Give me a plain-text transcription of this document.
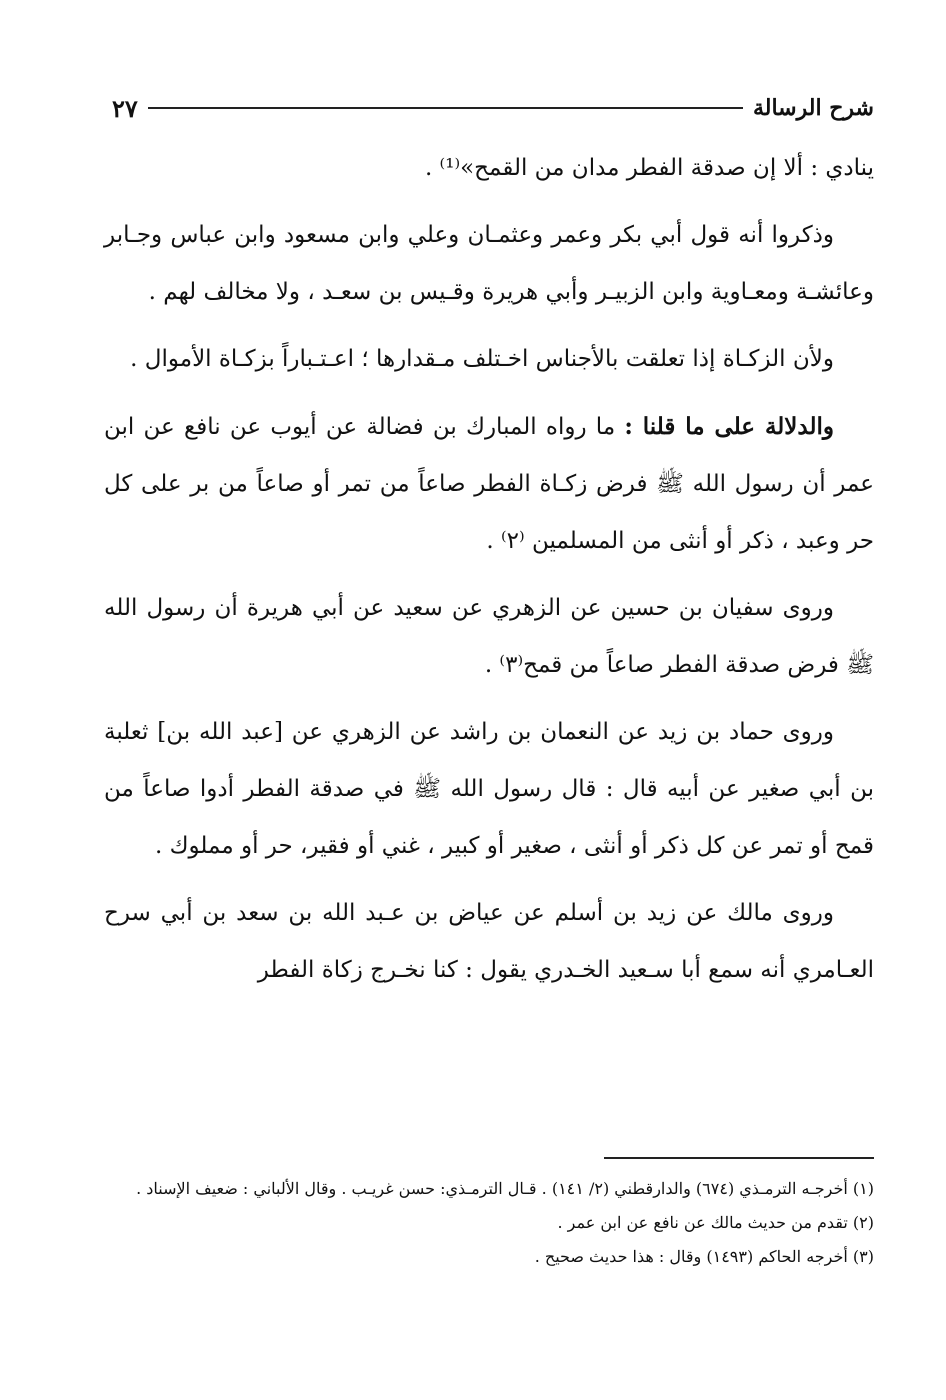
شرح الرسالة
٢٧

ينادي : ألا إن صدقة الفطر مدان من القمح»⁽¹⁾ .

وذكروا أنه قول أبي بكر وعمر وعثمـان وعلي وابن مسعود وابن عباس وجـابر وعائشـة ومعـاوية وابن الزبيـر وأبي هريرة وقـيس بن سعـد ، ولا مخالف لهم .

ولأن الزكـاة إذا تعلقت بالأجناس اخـتلف مـقدارها ؛ اعـتـباراً بزكـاة الأموال .

والدلالة على ما قلنا : ما رواه المبارك بن فضالة عن أيوب عن نافع عن ابن عمر أن رسول الله ﷺ فرض زكـاة الفطر صاعاً من تمر أو صاعاً من بر على كل حر وعبد ، ذكر أو أنثى من المسلمين ⁽٢⁾ .

وروى سفيان بن حسين عن الزهري عن سعيد عن أبي هريرة أن رسول الله ﷺ فرض صدقة الفطر صاعاً من قمح⁽٣⁾ .

وروى حماد بن زيد عن النعمان بن راشد عن الزهري عن [عبد الله بن] ثعلبة بن أبي صغير عن أبيه قال : قال رسول الله ﷺ في صدقة الفطر أدوا صاعاً من قمح أو تمر عن كل ذكر أو أنثى ، صغير أو كبير ، غني أو فقير، حر أو مملوك .

وروى مالك عن زيد بن أسلم عن عياض بن عـبد الله بن سعد بن أبي سرح العـامري أنه سمع أبا سـعيد الخـدري يقول : كنا نخـرج زكاة الفطر

(١) أخرجـه الترمـذي (٦٧٤) والدارقطني (٢/ ١٤١) . قـال الترمـذي: حسن غريـب . وقال الألباني : ضعيف الإسناد .

(٢) تقدم من حديث مالك عن نافع عن ابن عمر .

(٣) أخرجه الحاكم (١٤٩٣) وقال : هذا حديث صحيح .
